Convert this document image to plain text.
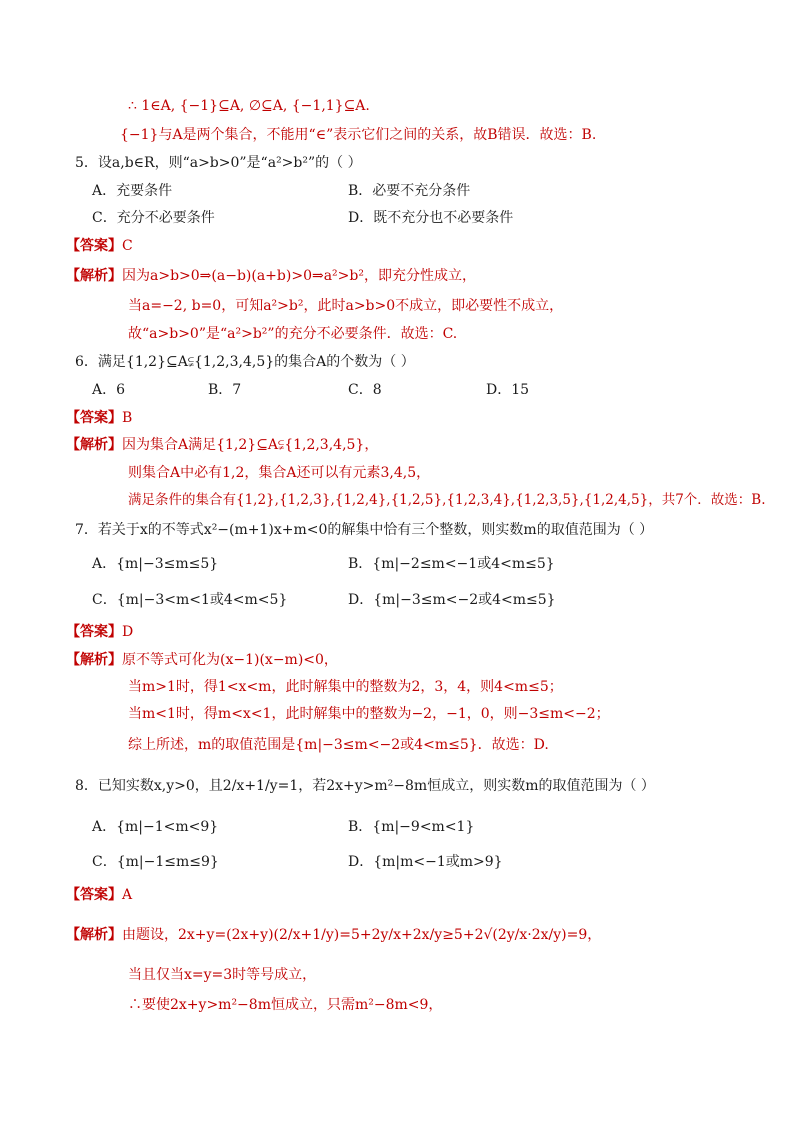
∴ 1∈A, {−1}⊆A, ∅⊆A, {−1,1}⊆A.
{−1}与A是两个集合，不能用“∈”表示它们之间的关系，故B错误．故选：B.
5．设a,b∈R，则“a>b>0”是“a²>b²”的（ ）
A．充要条件	B．必要不充分条件
C．充分不必要条件	D．既不充分也不必要条件
【答案】C
【解析】因为a>b>0⇒(a−b)(a+b)>0⇒a²>b²，即充分性成立，
当a=−2, b=0，可知a²>b²，此时a>b>0不成立，即必要性不成立，
故“a>b>0”是“a²>b²”的充分不必要条件．故选：C.
6．满足{1,2}⊆A⫋{1,2,3,4,5}的集合A的个数为（ ）
A．6	B．7	C．8	D．15
【答案】B
【解析】因为集合A满足{1,2}⊆A⫋{1,2,3,4,5}，
则集合A中必有1,2，集合A还可以有元素3,4,5，
满足条件的集合有{1,2},{1,2,3},{1,2,4},{1,2,5},{1,2,3,4},{1,2,3,5},{1,2,4,5}，共7个．故选：B.
7．若关于x的不等式x²−(m+1)x+m<0的解集中恰有三个整数，则实数m的取值范围为（ ）
A．{m|−3≤m≤5}	B．{m|−2≤m<−1或4<m≤5}
C．{m|−3<m<1或4<m<5}	D．{m|−3≤m<−2或4<m≤5}
【答案】D
【解析】原不等式可化为(x−1)(x−m)<0，
当m>1时，得1<x<m，此时解集中的整数为2，3，4，则4<m≤5；
当m<1时，得m<x<1，此时解集中的整数为−2，−1，0，则−3≤m<−2；
综上所述，m的取值范围是{m|−3≤m<−2或4<m≤5}．故选：D.
8．已知实数x,y>0，且2/x+1/y=1，若2x+y>m²−8m恒成立，则实数m的取值范围为（ ）
A．{m|−1<m<9}	B．{m|−9<m<1}
C．{m|−1≤m≤9}	D．{m|m<−1或m>9}
【答案】A
【解析】由题设，2x+y=(2x+y)(2/x+1/y)=5+2y/x+2x/y≥5+2√(2y/x·2x/y)=9，
当且仅当x=y=3时等号成立，
∴要使2x+y>m²−8m恒成立，只需m²−8m<9，
